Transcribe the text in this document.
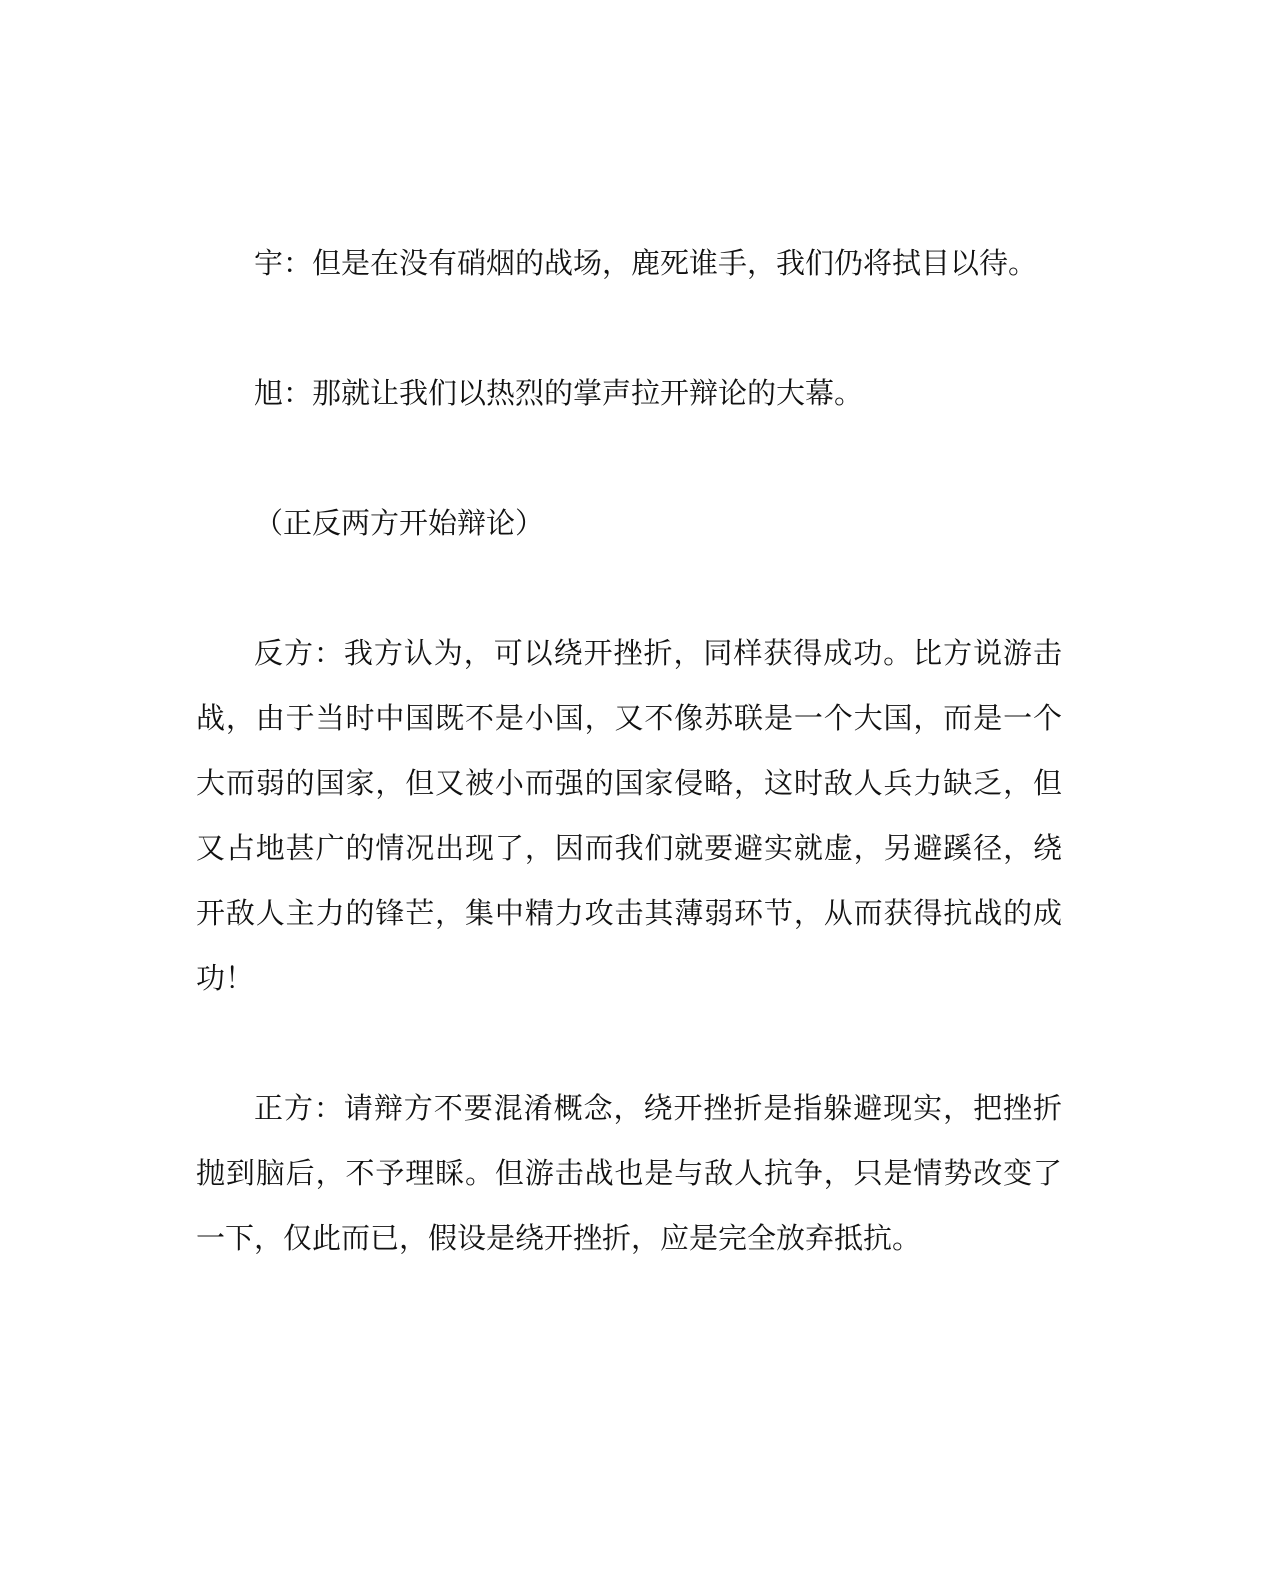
宇：但是在没有硝烟的战场，鹿死谁手，我们仍将拭目以待。

旭：那就让我们以热烈的掌声拉开辩论的大幕。

（正反两方开始辩论）

反方：我方认为，可以绕开挫折，同样获得成功。比方说游击战，由于当时中国既不是小国，又不像苏联是一个大国，而是一个大而弱的国家，但又被小而强的国家侵略，这时敌人兵力缺乏，但又占地甚广的情况出现了，因而我们就要避实就虚，另避蹊径，绕开敌人主力的锋芒，集中精力攻击其薄弱环节，从而获得抗战的成功！

正方：请辩方不要混淆概念，绕开挫折是指躲避现实，把挫折抛到脑后，不予理睬。但游击战也是与敌人抗争，只是情势改变了一下，仅此而已，假设是绕开挫折，应是完全放弃抵抗。
